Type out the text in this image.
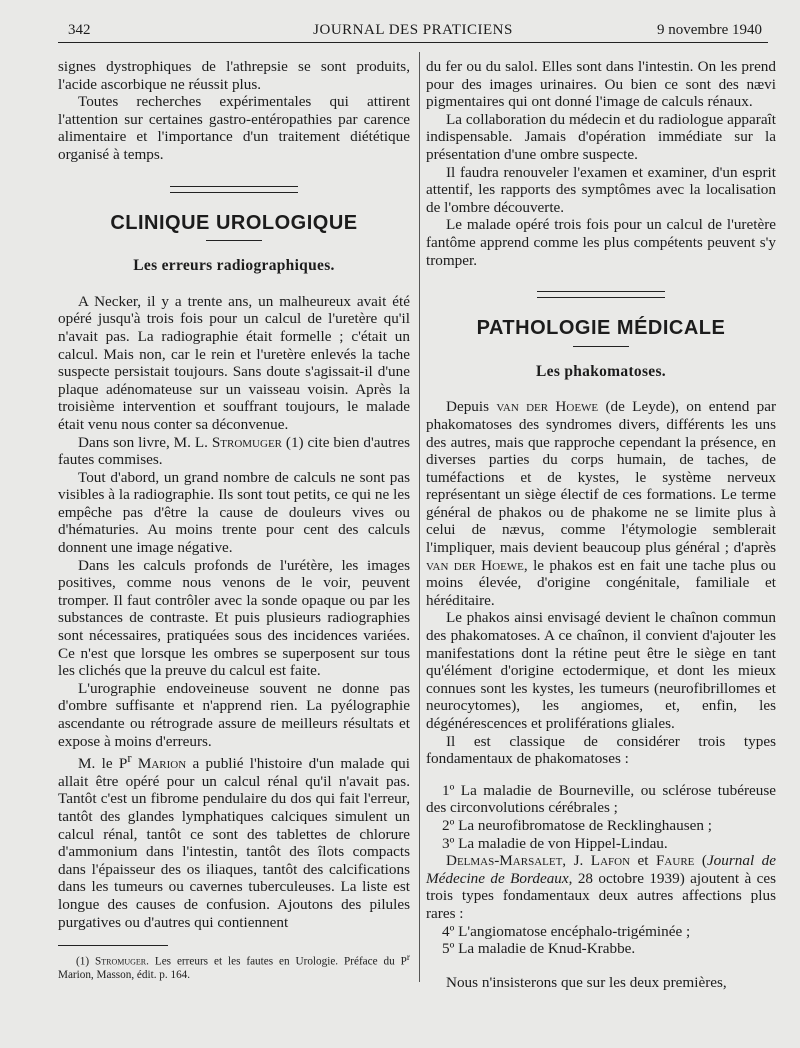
342	JOURNAL DES PRATICIENS	9 novembre 1940

signes dystrophiques de l'athrepsie se sont produits, l'acide ascorbique ne réussit plus.

Toutes recherches expérimentales qui attirent l'attention sur certaines gastro-entéropathies par carence alimentaire et l'importance d'un traitement diététique organisé à temps.

CLINIQUE UROLOGIQUE
Les erreurs radiographiques.

A Necker, il y a trente ans, un malheureux avait été opéré jusqu'à trois fois pour un calcul de l'uretère qu'il n'avait pas. La radiographie était formelle ; c'était un calcul. Mais non, car le rein et l'uretère enlevés la tache suspecte persistait toujours. Sans doute s'agissait-il d'une plaque adénomateuse sur un vaisseau voisin. Après la troisième intervention et souffrant toujours, le malade était venu nous conter sa déconvenue.

Dans son livre, M. L. Stromuger (1) cite bien d'autres fautes commises.

Tout d'abord, un grand nombre de calculs ne sont pas visibles à la radiographie. Ils sont tout petits, ce qui ne les empêche pas d'être la cause de douleurs vives ou d'hématuries. Au moins trente pour cent des calculs donnent une image négative.

Dans les calculs profonds de l'urétère, les images positives, comme nous venons de le voir, peuvent tromper. Il faut contrôler avec la sonde opaque ou par les substances de contraste. Et puis plusieurs radiographies sont nécessaires, pratiquées sous des incidences variées. Ce n'est que lorsque les ombres se superposent sur tous les clichés que la preuve du calcul est faite.

L'urographie endoveineuse souvent ne donne pas d'ombre suffisante et n'apprend rien. La pyélographie ascendante ou rétrograde assure de meilleurs résultats et expose à moins d'erreurs.

M. le $P^r$ Marion a publié l'histoire d'un malade qui allait être opéré pour un calcul rénal qu'il n'avait pas. Tantôt c'est un fibrome pendulaire du dos qui fait l'erreur, tantôt des glandes lymphatiques calciques simulent un calcul rénal, tantôt ce sont des tablettes de chlorure d'ammonium dans l'intestin, tantôt des îlots compacts dans l'épaisseur des os iliaques, tantôt des calcifications dans les tumeurs ou cavernes tuberculeuses. La liste est longue des causes de confusion. Ajoutons des pilules purgatives ou d'autres qui contiennent

(1) Stromuger. Les erreurs et les fautes en Urologie. Préface du $P^r$ Marion, Masson, édit. p. 164.

du fer ou du salol. Elles sont dans l'intestin. On les prend pour des images urinaires. Ou bien ce sont des nævi pigmentaires qui ont donné l'image de calculs rénaux.

La collaboration du médecin et du radiologue apparaît indispensable. Jamais d'opération immédiate sur la présentation d'une ombre suspecte.

Il faudra renouveler l'examen et examiner, d'un esprit attentif, les rapports des symptômes avec la localisation de l'ombre découverte.

Le malade opéré trois fois pour un calcul de l'uretère fantôme apprend comme les plus compétents peuvent s'y tromper.

PATHOLOGIE MÉDICALE
Les phakomatoses.

Depuis van der Hoewe (de Leyde), on entend par phakomatoses des syndromes divers, différents les uns des autres, mais que rapproche cependant la présence, en diverses parties du corps humain, de taches, de tuméfactions et de kystes, le système nerveux représentant un siège électif de ces formations. Le terme général de phakos ou de phakome ne se limite plus à celui de nævus, comme l'étymologie semblerait l'impliquer, mais devient beaucoup plus général ; d'après van der Hoewe, le phakos est en fait une tache plus ou moins élevée, d'origine congénitale, familiale et héréditaire.

Le phakos ainsi envisagé devient le chaînon commun des phakomatoses. A ce chaînon, il convient d'ajouter les manifestations dont la rétine peut être le siège en tant qu'élément d'origine ectodermique, et dont les mieux connues sont les kystes, les tumeurs (neurofibrillomes et neurocytomes), les angiomes, et, enfin, les dégénérescences et proliférations gliales.

Il est classique de considérer trois types fondamentaux de phakomatoses :

1º La maladie de Bourneville, ou sclérose tubéreuse des circonvolutions cérébrales ;

2º La neurofibromatose de Recklinghausen ;

3º La maladie de von Hippel-Lindau.

Delmas-Marsalet, J. Lafon et Faure (Journal de Médecine de Bordeaux, 28 octobre 1939) ajoutent à ces trois types fondamentaux deux autres affections plus rares :

4º L'angiomatose encéphalo-trigéminée ;

5º La maladie de Knud-Krabbe.

Nous n'insisterons que sur les deux premières,
